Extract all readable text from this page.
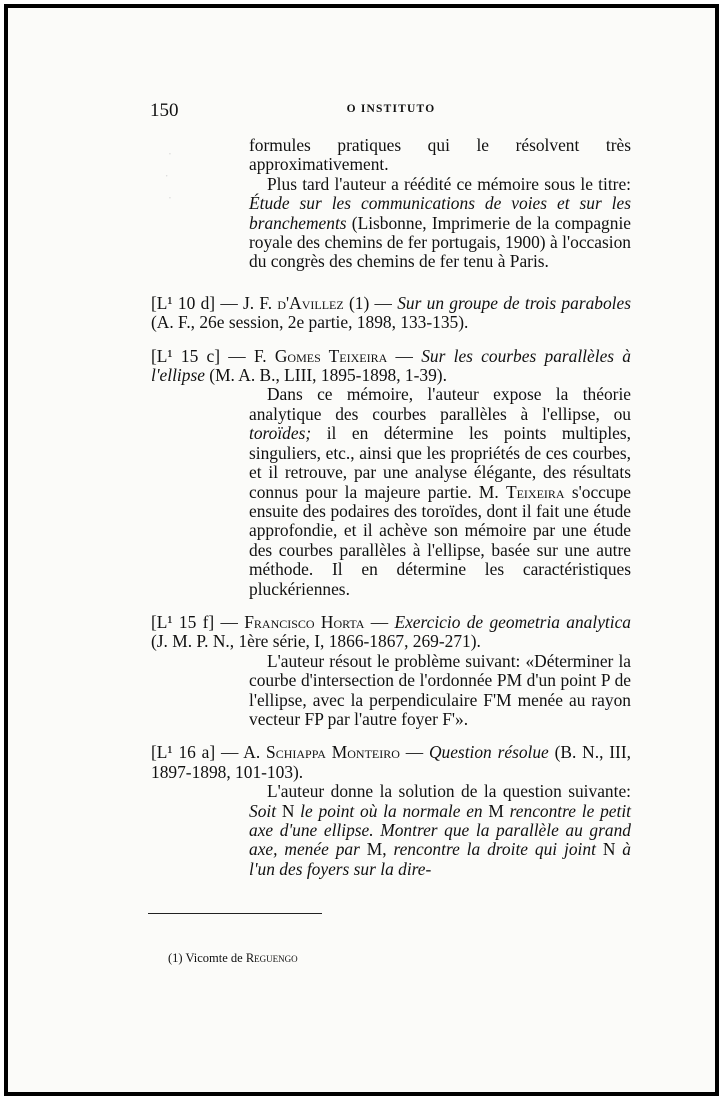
·
·
·

150	O INSTITUTO

formules pratiques qui le résolvent très approximativement.

Plus tard l'auteur a réédité ce mémoire sous le titre: Étude sur les communications de voies et sur les branchements (Lisbonne, Imprimerie de la compagnie royale des chemins de fer portugais, 1900) à l'occasion du congrès des chemins de fer tenu à Paris.

[L¹ 10 d] — J. F. d'Avillez (1) — Sur un groupe de trois paraboles (A. F., 26e session, 2e partie, 1898, 133-135).

[L¹ 15 c] — F. Gomes Teixeira — Sur les courbes parallèles à l'ellipse (M. A. B., LIII, 1895-1898, 1-39).

Dans ce mémoire, l'auteur expose la théorie analytique des courbes parallèles à l'ellipse, ou toroïdes; il en détermine les points multiples, singuliers, etc., ainsi que les propriétés de ces courbes, et il retrouve, par une analyse élégante, des résultats connus pour la majeure partie. M. Teixeira s'occupe ensuite des podaires des toroïdes, dont il fait une étude approfondie, et il achève son mémoire par une étude des courbes parallèles à l'ellipse, basée sur une autre méthode. Il en détermine les caractéristiques pluckériennes.

[L¹ 15 f] — Francisco Horta — Exercicio de geometria analytica (J. M. P. N., 1ère série, I, 1866-1867, 269-271).

L'auteur résout le problème suivant: «Déterminer la courbe d'intersection de l'ordonnée PM d'un point P de l'ellipse, avec la perpendiculaire F'M menée au rayon vecteur FP par l'autre foyer F'».

[L¹ 16 a] — A. Schiappa Monteiro — Question résolue (B. N., III, 1897-1898, 101-103).

L'auteur donne la solution de la question suivante: Soit N le point où la normale en M rencontre le petit axe d'une ellipse. Montrer que la parallèle au grand axe, menée par M, rencontre la droite qui joint N à l'un des foyers sur la dire-

(1) Vicomte de Reguengo
